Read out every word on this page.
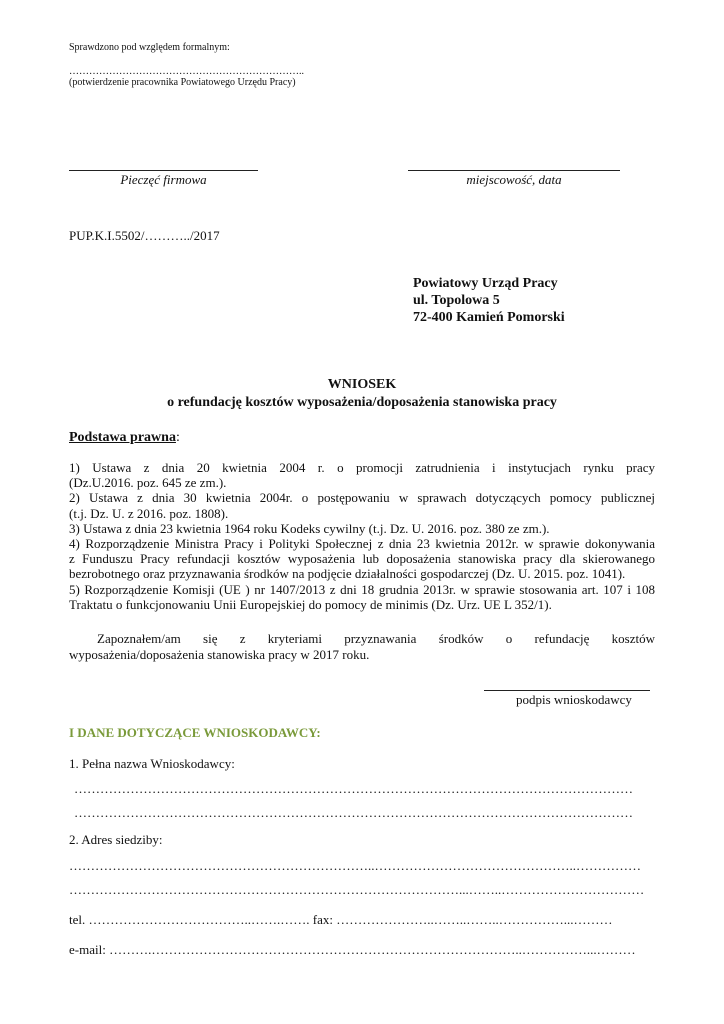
Sprawdzono pod względem formalnym:
……………………………………………………………..
(potwierdzenie pracownika Powiatowego Urzędu Pracy)
Pieczęć firmowa	miejscowość, data
PUP.K.I.5502/………../2017
Powiatowy Urząd Pracy
ul. Topolowa 5
72-400 Kamień Pomorski
WNIOSEK
o refundację kosztów wyposażenia/doposażenia stanowiska pracy
Podstawa prawna:
1) Ustawa z dnia 20 kwietnia 2004 r. o promocji zatrudnienia i instytucjach rynku pracy
(Dz.U.2016. poz. 645 ze zm.).
2) Ustawa z dnia 30 kwietnia 2004r. o postępowaniu w sprawach dotyczących pomocy publicznej
(t.j. Dz. U. z 2016. poz. 1808).
3) Ustawa z dnia 23 kwietnia 1964 roku Kodeks cywilny (t.j. Dz. U. 2016. poz. 380 ze zm.).
4) Rozporządzenie Ministra Pracy i Polityki Społecznej z dnia 23 kwietnia 2012r. w sprawie dokonywania
z Funduszu Pracy refundacji kosztów wyposażenia lub doposażenia stanowiska pracy dla skierowanego
bezrobotnego oraz przyznawania środków na podjęcie działalności gospodarczej (Dz. U. 2015. poz. 1041).
5) Rozporządzenie Komisji (UE ) nr 1407/2013 z dni 18 grudnia 2013r. w sprawie stosowania art. 107 i 108
Traktatu o funkcjonowaniu Unii Europejskiej do pomocy de minimis (Dz. Urz. UE L 352/1).
Zapoznałem/am się z kryteriami przyznawania środków o refundację kosztów
wyposażenia/doposażenia stanowiska pracy w 2017 roku.
podpis wnioskodawcy
I DANE DOTYCZĄCE WNIOSKODAWCY:
1. Pełna nazwa Wnioskodawcy:
…………………………………………………………………………………………………………………
…………………………………………………………………………………………………………………
2. Adres siedziby:
……………………………………………………………..………………………………………..……………
………………………………………………………………………………...……..……………………………
tel. ………………………………..…….……. fax: …………………..……..……..……………...………
e-mail: ……….…………………………………………………………………………..……………...………
